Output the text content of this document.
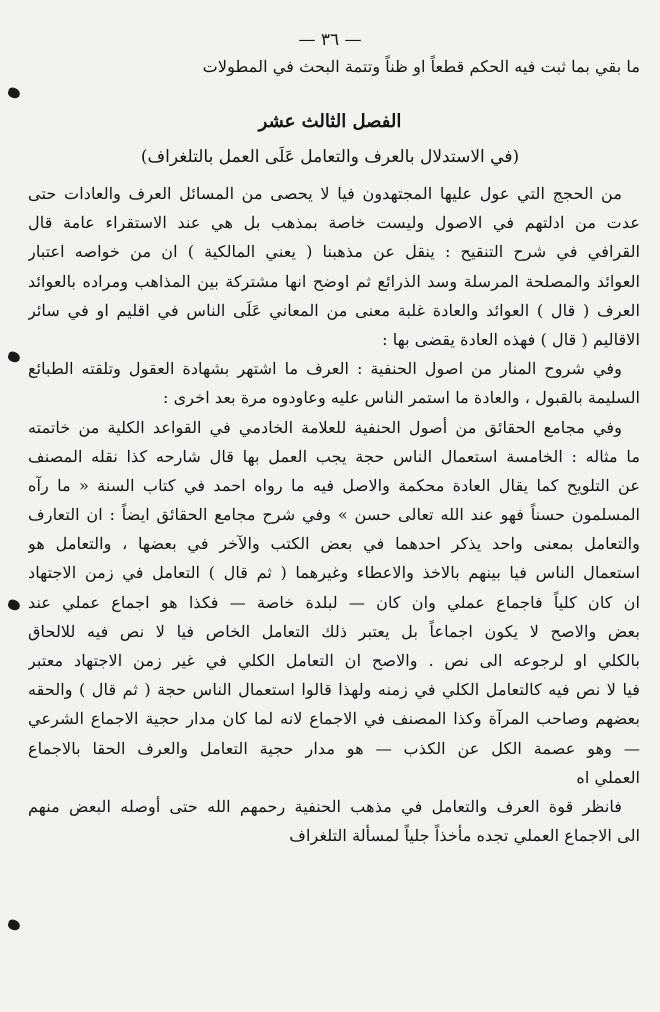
— ٣٦ —
ما بقي بما ثبت فيه الحكم قطعاً او ظناً وتتمة البحث في المطولات
الفصل الثالث عشر
(في الاستدلال بالعرف والتعامل عَلَى العمل بالتلغراف)
من الحجج التي عول عليها المجتهدون فيا لا يحصى من المسائل العرف والعادات حتى
عدت من ادلتهم في الاصول وليست خاصة بمذهب بل هي عند الاستقراء عامة قال
القرافي في شرح التنقيح : ينقل عن مذهبنا ( يعني المالكية ) ان من خواصه اعتبار
العوائد والمصلحة المرسلة وسد الذرائع ثم اوضح انها مشتركة بين المذاهب ومراده بالعوائد
العرف ( قال ) العوائد والعادة غلبة معنى من المعاني عَلَى الناس في اقليم او في سائر
الاقاليم ( قال ) فهذه العادة يقضى بها :
وفي شروح المنار من اصول الحنفية : العرف ما اشتهر بشهادة العقول وتلقته الطبائع
السليمة بالقبول ، والعادة ما استمر الناس عليه وعاودوه مرة بعد اخرى :
وفي مجامع الحقائق من أصول الحنفية للعلامة الخادمي في القواعد الكلية من خاتمته
ما مثاله : الخامسة استعمال الناس حجة يجب العمل بها قال شارحه كذا نقله المصنف
عن التلويح كما يقال العادة محكمة والاصل فيه ما رواه احمد في كتاب السنة « ما رآه
المسلمون حسناً فهو عند الله تعالى حسن » وفي شرح مجامع الحقائق ايضاً : ان التعارف
والتعامل بمعنى واحد يذكر احدهما في بعض الكتب والآخر في بعضها ، والتعامل هو
استعمال الناس فيا بينهم بالاخذ والاعطاء وغيرهما ( ثم قال ) التعامل في زمن الاجتهاد
ان كان كلياً فاجماع عملي وان كان — لبلدة خاصة — فكذا هو اجماع عملي عند
بعض والاصح لا يكون اجماعاً بل يعتبر ذلك التعامل الخاص فيا لا نص فيه للالحاق
بالكلي او لرجوعه الى نص . والاصح ان التعامل الكلي في غير زمن الاجتهاد معتبر
فيا لا نص فيه كالتعامل الكلي في زمنه ولهذا قالوا استعمال الناس حجة ( ثم قال ) والحقه
بعضهم وصاحب المرآة وكذا المصنف في الاجماع لانه لما كان مدار حجية الاجماع الشرعي
— وهو عصمة الكل عن الكذب — هو مدار حجية التعامل والعرف الحقا بالاجماع
العملي اه
فانظر قوة العرف والتعامل في مذهب الحنفية رحمهم الله حتى أوصله البعض منهم
الى الاجماع العملي تجده مأخذاً جلياً لمسألة التلغراف
